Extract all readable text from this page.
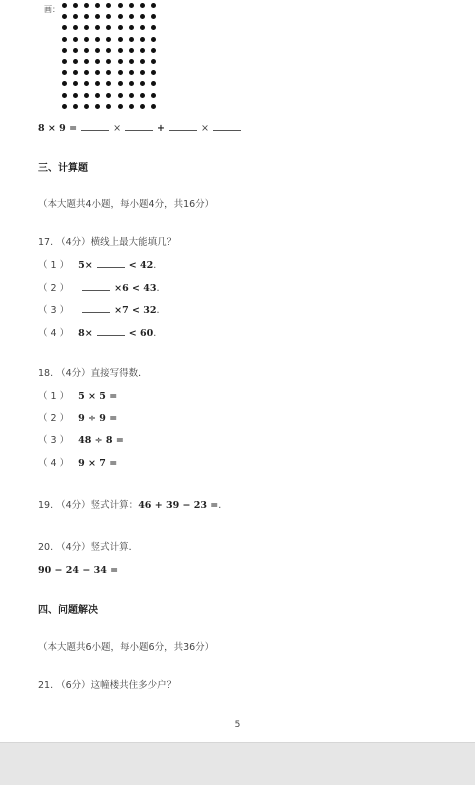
画：
8 × 9 =	×	+	×
三、计算题
（本大题共4小题，每小题4分，共16分）
17. （4分）横线上最大能填几？
（ 1 ） 5×	< 42.
（ 2 ）	×6 < 43.
（ 3 ）	×7 < 32.
（ 4 ） 8×	< 60.
18. （4分）直接写得数．
（ 1 ） 5 × 5 =
（ 2 ） 9 ÷ 9 =
（ 3 ） 48 ÷ 8 =
（ 4 ） 9 × 7 =
19. （4分）竖式计算：46 + 39 − 23 =.
20. （4分）竖式计算．
90 − 24 − 34 =
四、问题解决
（本大题共6小题，每小题6分，共36分）
21. （6分）这幢楼共住多少户？
5
